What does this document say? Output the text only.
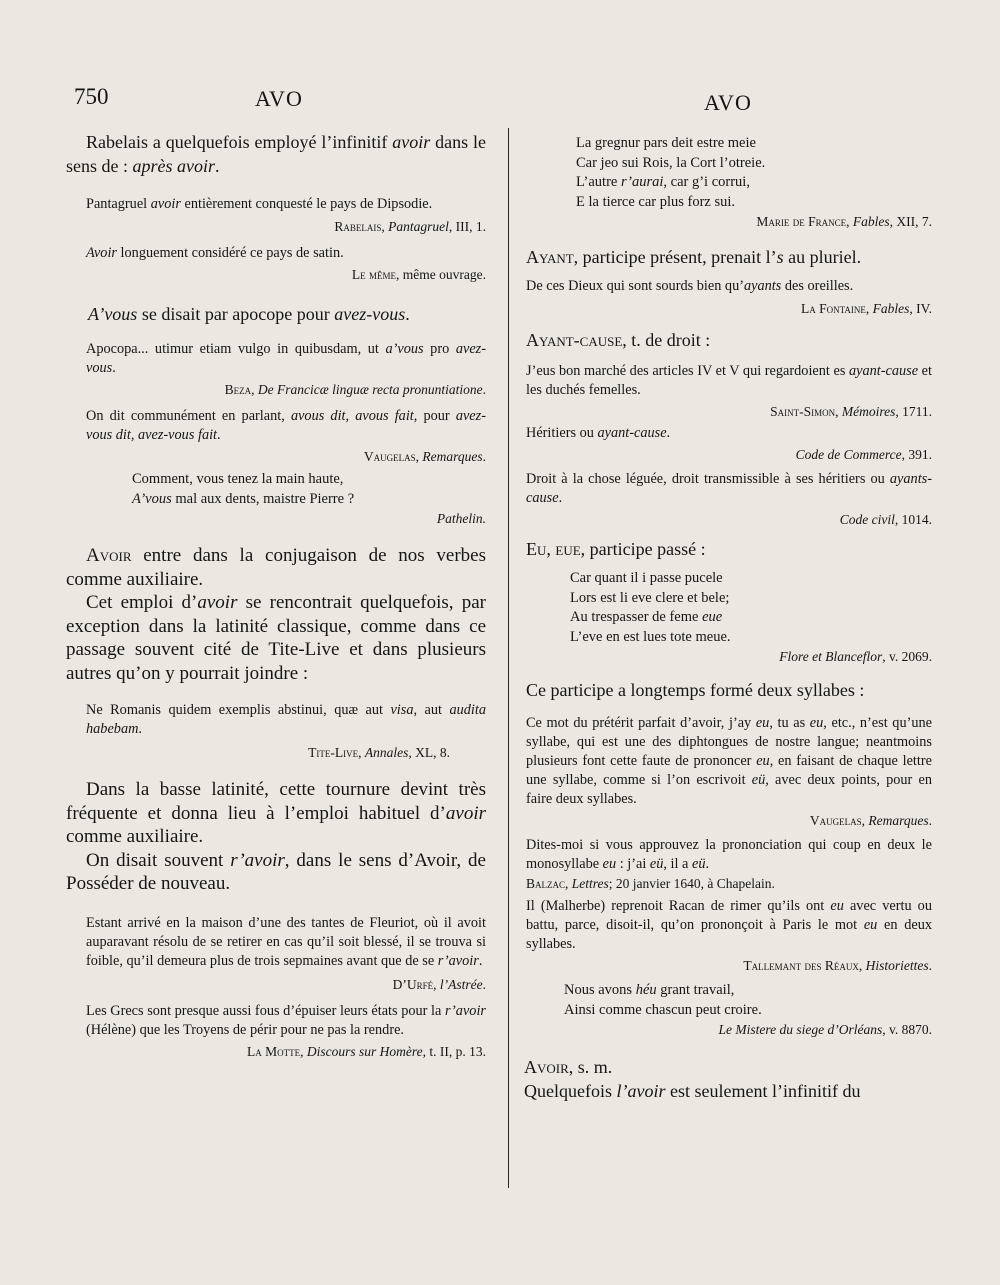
750	AVO	AVO

Rabelais a quelquefois employé l’infinitif avoir dans le sens de : après avoir.

Pantagruel avoir entièrement conquesté le pays de Dipsodie.

Rabelais, Pantagruel, III, 1.

Avoir longuement considéré ce pays de satin.

Le même, même ouvrage.

A’vous se disait par apocope pour avez-vous.

Apocopa... utimur etiam vulgo in quibusdam, ut a’vous pro avez-vous.

Beza, De Francicæ linguæ recta pronuntiatione.

On dit communément en parlant, avous dit, avous fait, pour avez-vous dit, avez-vous fait.

Vaugelas, Remarques.

Comment, vous tenez la main haute,
A’vous mal aux dents, maistre Pierre ?

Pathelin.

Avoir entre dans la conjugaison de nos verbes comme auxiliaire.

Cet emploi d’avoir se rencontrait quelquefois, par exception dans la latinité classique, comme dans ce passage souvent cité de Tite-Live et dans plusieurs autres qu’on y pourrait joindre :

Ne Romanis quidem exemplis abstinui, quæ aut visa, aut audita habebam.

Tite-Live, Annales, XL, 8.

Dans la basse latinité, cette tournure devint très fréquente et donna lieu à l’emploi habituel d’avoir comme auxiliaire.

On disait souvent r’avoir, dans le sens d’Avoir, de Posséder de nouveau.

Estant arrivé en la maison d’une des tantes de Fleuriot, où il avoit auparavant résolu de se retirer en cas qu’il soit blessé, il se trouva si foible, qu’il demeura plus de trois sepmaines avant que de se r’avoir.

D’Urfé, l’Astrée.

Les Grecs sont presque aussi fous d’épuiser leurs états pour la r’avoir (Hélène) que les Troyens de périr pour ne pas la rendre.

La Motte, Discours sur Homère, t. II, p. 13.

La gregnur pars deit estre meie
Car jeo sui Rois, la Cort l’otreie.
L’autre r’aurai, car g’i corrui,
E la tierce car plus forz sui.

Marie de France, Fables, XII, 7.

Ayant, participe présent, prenait l’s au pluriel.

De ces Dieux qui sont sourds bien qu’ayants des oreilles.

La Fontaine, Fables, IV.

Ayant-cause, t. de droit :

J’eus bon marché des articles IV et V qui regardoient es ayant-cause et les duchés femelles.

Saint-Simon, Mémoires, 1711.

Héritiers ou ayant-cause.

Code de Commerce, 391.

Droit à la chose léguée, droit transmissible à ses héritiers ou ayants-cause.

Code civil, 1014.

Eu, eue, participe passé :

Car quant il i passe pucele
Lors est li eve clere et bele;
Au trespasser de feme eue
L’eve en est lues tote meue.

Flore et Blanceflor, v. 2069.

Ce participe a longtemps formé deux syllabes :

Ce mot du prétérit parfait d’avoir, j’ay eu, tu as eu, etc., n’est qu’une syllabe, qui est une des diphtongues de nostre langue; neantmoins plusieurs font cette faute de prononcer eu, en faisant de chaque lettre une syllabe, comme si l’on escrivoit eü, avec deux points, pour en faire deux syllabes.

Vaugelas, Remarques.

Dites-moi si vous approuvez la prononciation qui coup en deux le monosyllabe eu : j’ai eü, il a eü.

Balzac, Lettres; 20 janvier 1640, à Chapelain.

Il (Malherbe) reprenoit Racan de rimer qu’ils ont eu avec vertu ou battu, parce, disoit-il, qu’on prononçoit à Paris le mot eu en deux syllabes.

Tallemant des Réaux, Historiettes.

Nous avons héu grant travail,
Ainsi comme chascun peut croire.

Le Mistere du siege d’Orléans, v. 8870.

Avoir, s. m.

Quelquefois l’avoir est seulement l’infinitif du
